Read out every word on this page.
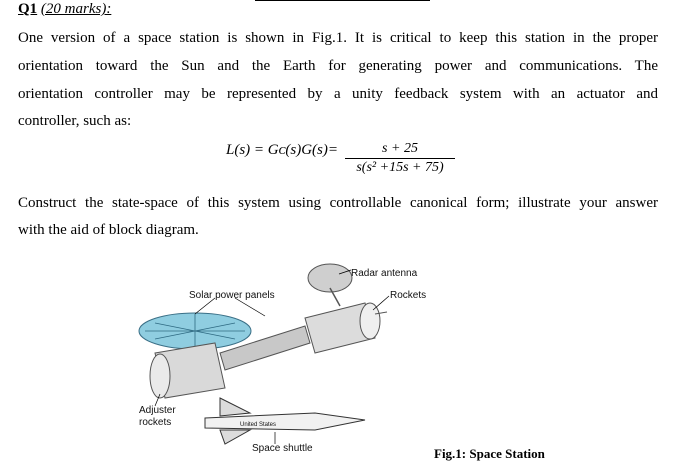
Q1 (20 marks):
One version of a space station is shown in Fig.1. It is critical to keep this station in the proper
orientation toward the Sun and the Earth for generating power and communications. The
orientation controller may be represented by a unity feedback system with an actuator and
controller, such as:
L(s) = Gᴄ(s)G(s)=	s + 25
s(s² +15s + 75)
Construct the state-space of this system using controllable canonical form; illustrate your answer
with the aid of block diagram.
Radar antenna
Solar power panels	Rockets
Adjuster
rockets	United States
Space shuttle	Fig.1: Space Station
